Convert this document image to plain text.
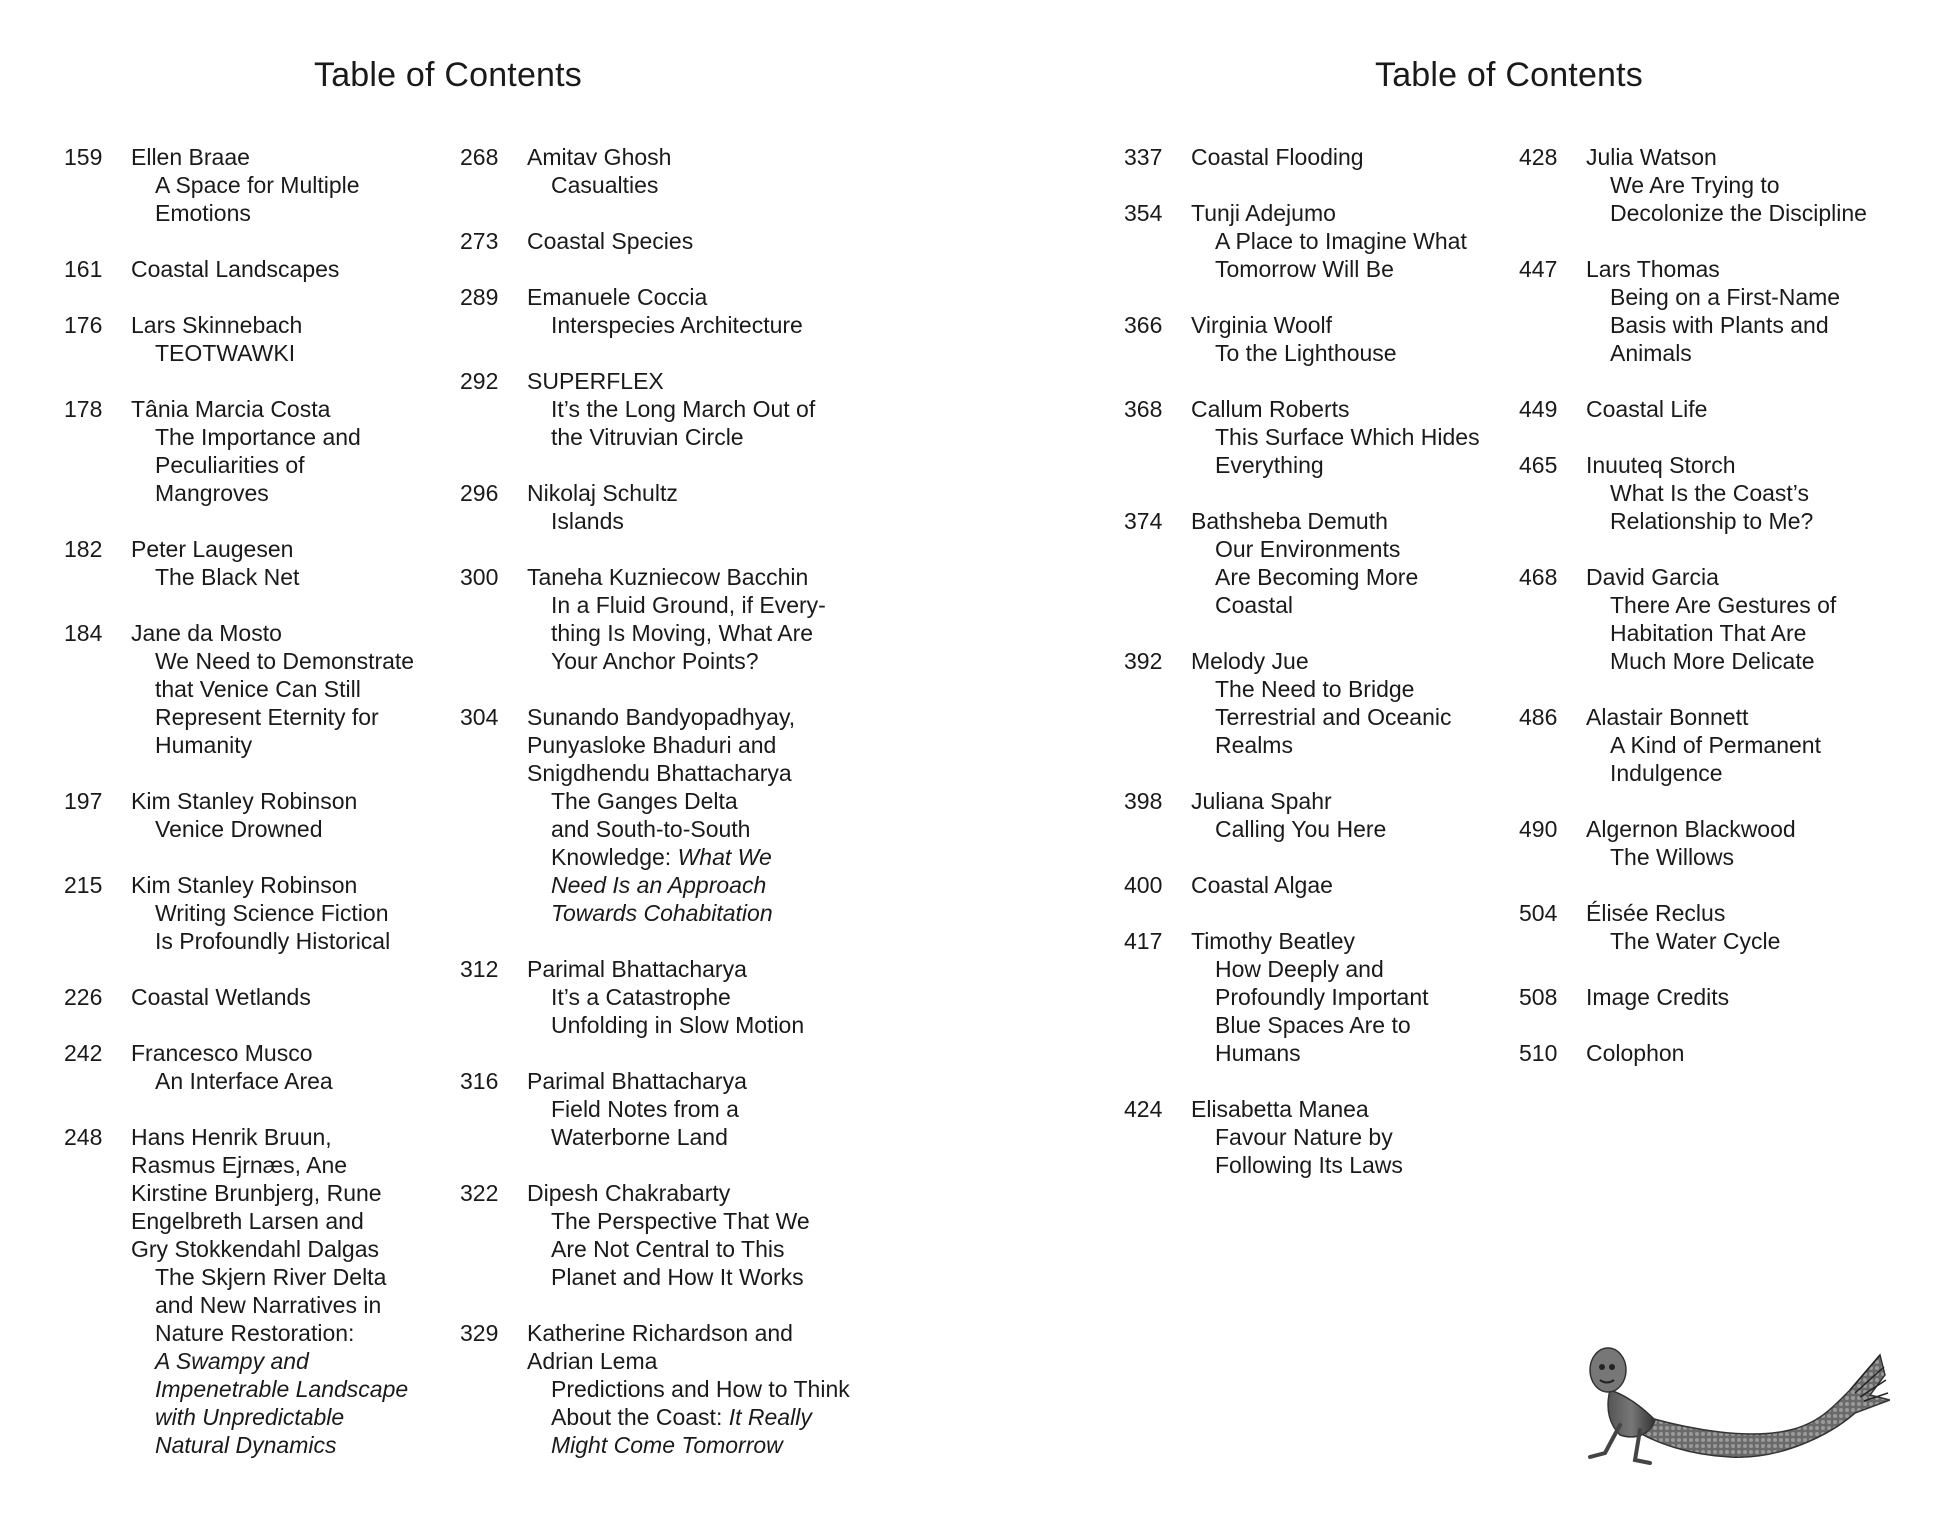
Table of Contents	Table of Contents
159	Ellen Braae
A Space for Multiple
Emotions
161	Coastal Landscapes
176	Lars Skinnebach
TEOTWAWKI
178	Tânia Marcia Costa
The Importance and
Peculiarities of
Mangroves
182	Peter Laugesen
The Black Net
184	Jane da Mosto
We Need to Demonstrate
that Venice Can Still
Represent Eternity for
Humanity
197	Kim Stanley Robinson
Venice Drowned
215	Kim Stanley Robinson
Writing Science Fiction
Is Profoundly Historical
226	Coastal Wetlands
242	Francesco Musco
An Interface Area
248	Hans Henrik Bruun,
Rasmus Ejrnæs, Ane
Kirstine Brunbjerg, Rune
Engelbreth Larsen and
Gry Stokkendahl Dalgas
The Skjern River Delta
and New Narratives in
Nature Restoration:
A Swampy and
Impenetrable Landscape
with Unpredictable
Natural Dynamics
268	Amitav Ghosh
Casualties
273	Coastal Species
289	Emanuele Coccia
Interspecies Architecture
292	SUPERFLEX
It’s the Long March Out of
the Vitruvian Circle
296	Nikolaj Schultz
Islands
300	Taneha Kuzniecow Bacchin
In a Fluid Ground, if Every-
thing Is Moving, What Are
Your Anchor Points?
304	Sunando Bandyopadhyay,
Punyasloke Bhaduri and
Snigdhendu Bhattacharya
The Ganges Delta
and South-to-South
Knowledge: What We
Need Is an Approach
Towards Cohabitation
312	Parimal Bhattacharya
It’s a Catastrophe
Unfolding in Slow Motion
316	Parimal Bhattacharya
Field Notes from a
Waterborne Land
322	Dipesh Chakrabarty
The Perspective That We
Are Not Central to This
Planet and How It Works
329	Katherine Richardson and
Adrian Lema
Predictions and How to Think
About the Coast: It Really
Might Come Tomorrow
337	Coastal Flooding
354	Tunji Adejumo
A Place to Imagine What
Tomorrow Will Be
366	Virginia Woolf
To the Lighthouse
368	Callum Roberts
This Surface Which Hides
Everything
374	Bathsheba Demuth
Our Environments
Are Becoming More
Coastal
392	Melody Jue
The Need to Bridge
Terrestrial and Oceanic
Realms
398	Juliana Spahr
Calling You Here
400	Coastal Algae
417	Timothy Beatley
How Deeply and
Profoundly Important
Blue Spaces Are to
Humans
424	Elisabetta Manea
Favour Nature by
Following Its Laws
428	Julia Watson
We Are Trying to
Decolonize the Discipline
447	Lars Thomas
Being on a First-Name
Basis with Plants and
Animals
449	Coastal Life
465	Inuuteq Storch
What Is the Coast’s
Relationship to Me?
468	David Garcia
There Are Gestures of
Habitation That Are
Much More Delicate
486	Alastair Bonnett
A Kind of Permanent
Indulgence
490	Algernon Blackwood
The Willows
504	Élisée Reclus
The Water Cycle
508	Image Credits
510	Colophon
